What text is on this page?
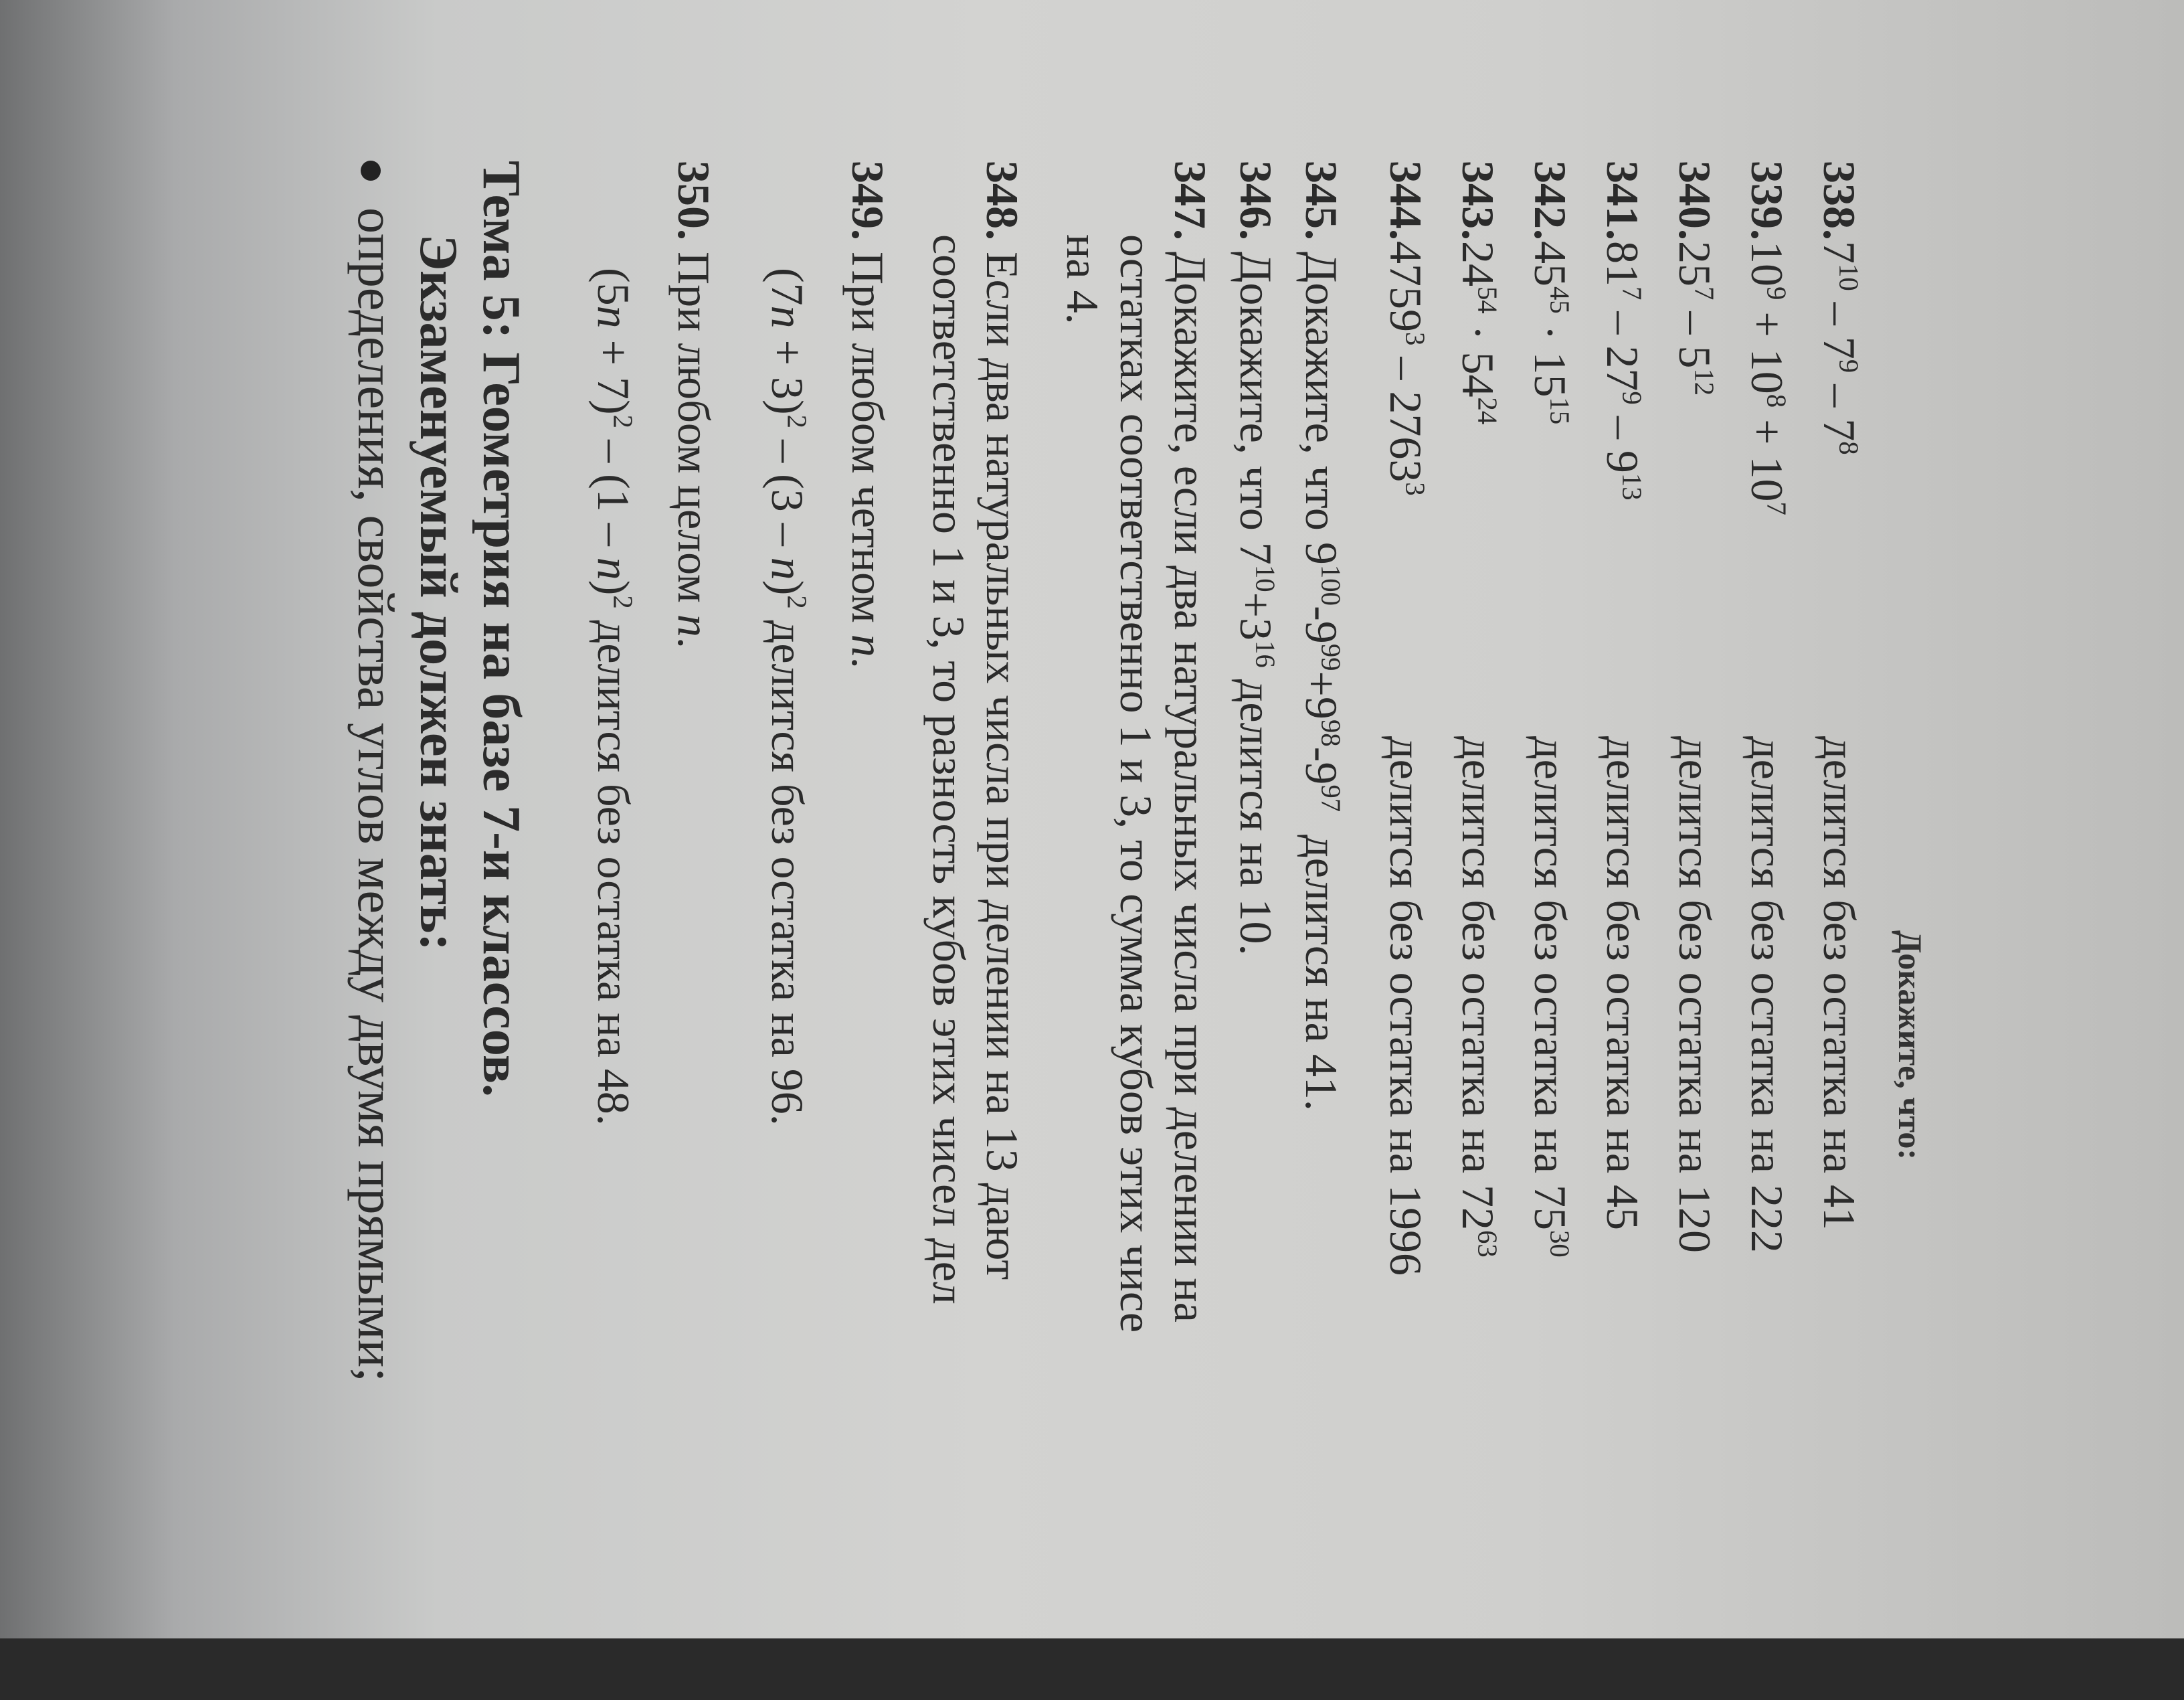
Докажите, что:
338.
$7^{10} - 7^9 - 7^8$
делится без остатка на 41
339.
$10^9 + 10^8 + 10^7$
делится без остатка на 222
340.
$25^7 - 5^{12}$
делится без остатка на 120
341.
$81^7 - 27^9 - 9^{13}$
делится без остатка на 45
342.
$45^{45} \cdot 15^{15}$
делится без остатка на $75^{30}$
343.
$24^{54} \cdot 54^{24}$
делится без остатка на $72^{63}$
344.
4759$^3$ – 2763$^3$
делится без остатка на 1996
345. Докажите, что $9^{100}-9^{99}+9^{98}-9^{97}$  делится на 41.
346. Докажите, что $7^{10}+3^{16}$ делится на 10.
347. Докажите, если два натуральных числа при делении на
остатках соответственно 1 и 3, то сумма кубов этих чисе
на 4.
348. Если два натуральных числа при делении на 13 дают
соответственно 1 и 3, то разность кубов этих чисел дел
349. При любом четном n.
$(7n + 3)^2 - (3 - n)^2$ делится без остатка на 96.
350. При любом целом n.
$(5n + 7)^2 - (1 - n)^2$ делится без остатка на 48.
Тема 5: Геометрия на базе 7-и классов.
Экзаменуемый должен знать:
определения, свойства углов между двумя прямыми;
